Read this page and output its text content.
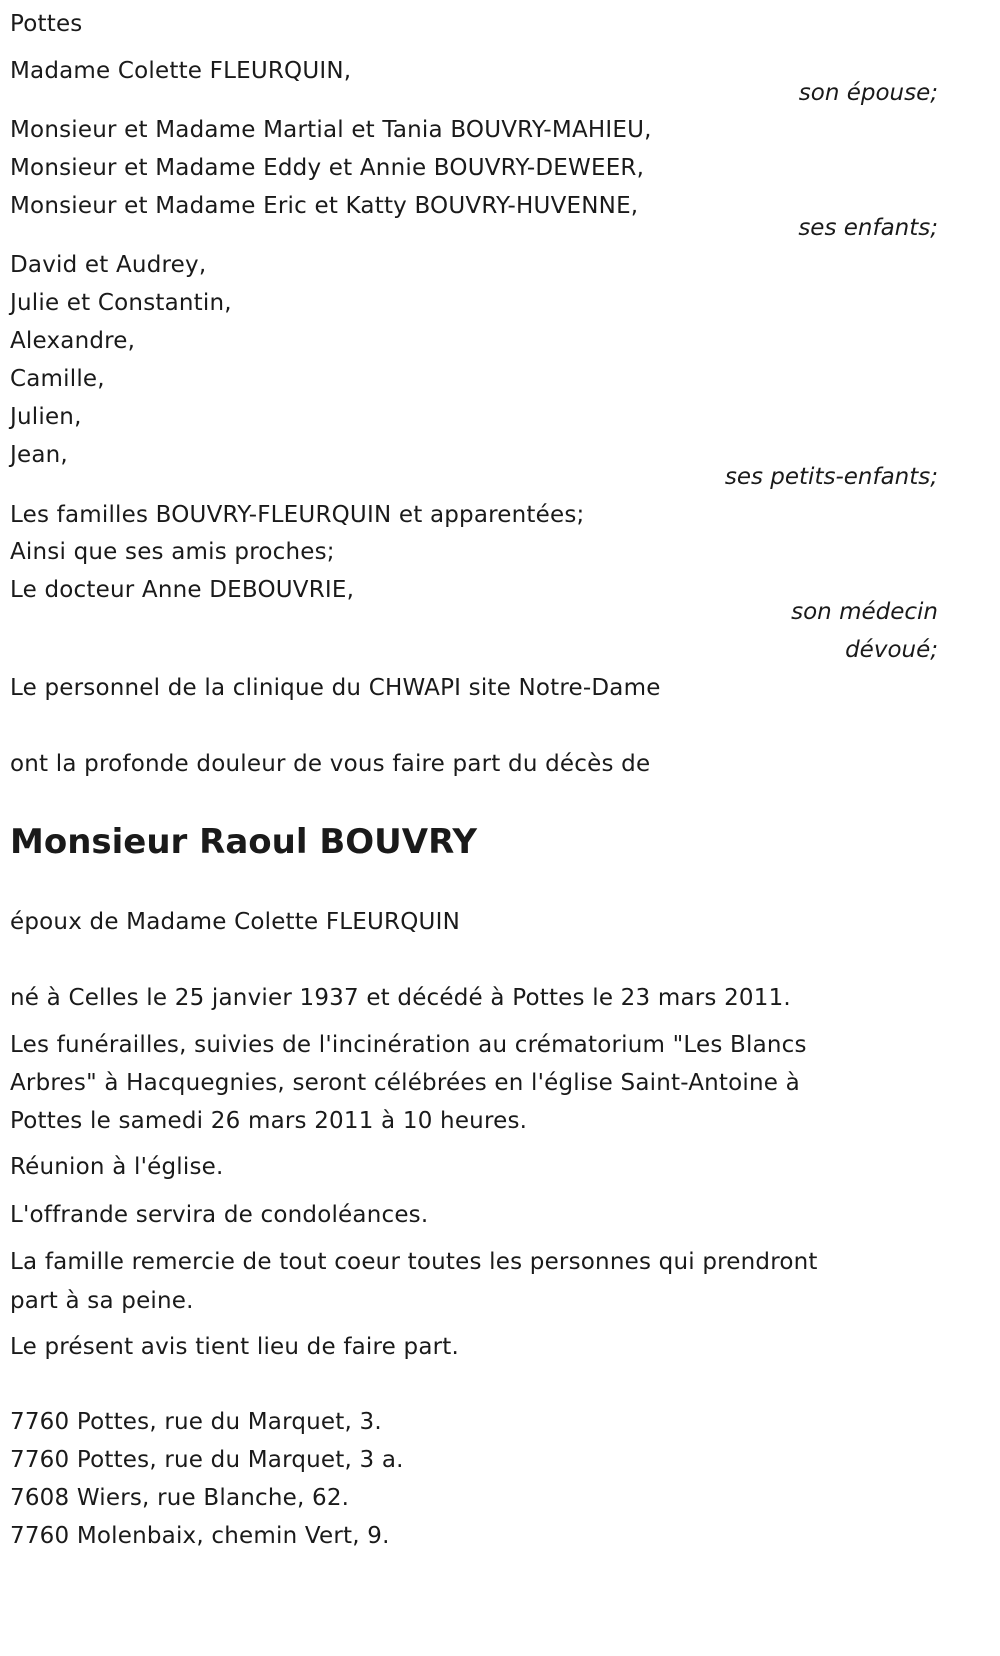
Pottes
Madame Colette FLEURQUIN,
son épouse;
Monsieur et Madame Martial et Tania BOUVRY-MAHIEU,
Monsieur et Madame Eddy et Annie BOUVRY-DEWEER,
Monsieur et Madame Eric et Katty BOUVRY-HUVENNE,
ses enfants;
David et Audrey,
Julie et Constantin,
Alexandre,
Camille,
Julien,
Jean,
ses petits-enfants;
Les familles BOUVRY-FLEURQUIN et apparentées;
Ainsi que ses amis proches;
Le docteur Anne DEBOUVRIE,
son médecin
dévoué;
Le personnel de la clinique du CHWAPI site Notre-Dame
ont la profonde douleur de vous faire part du décès de
Monsieur Raoul BOUVRY
époux de Madame Colette FLEURQUIN
né à Celles le 25 janvier 1937 et décédé à Pottes le 23 mars 2011.
Les funérailles, suivies de l'incinération au crématorium "Les Blancs
Arbres" à Hacquegnies, seront célébrées en l'église Saint-Antoine à
Pottes le samedi 26 mars 2011 à 10 heures.
Réunion à l'église.
L'offrande servira de condoléances.
La famille remercie de tout coeur toutes les personnes qui prendront
part à sa peine.
Le présent avis tient lieu de faire part.
7760 Pottes, rue du Marquet, 3.
7760 Pottes, rue du Marquet, 3 a.
7608 Wiers, rue Blanche, 62.
7760 Molenbaix, chemin Vert, 9.
